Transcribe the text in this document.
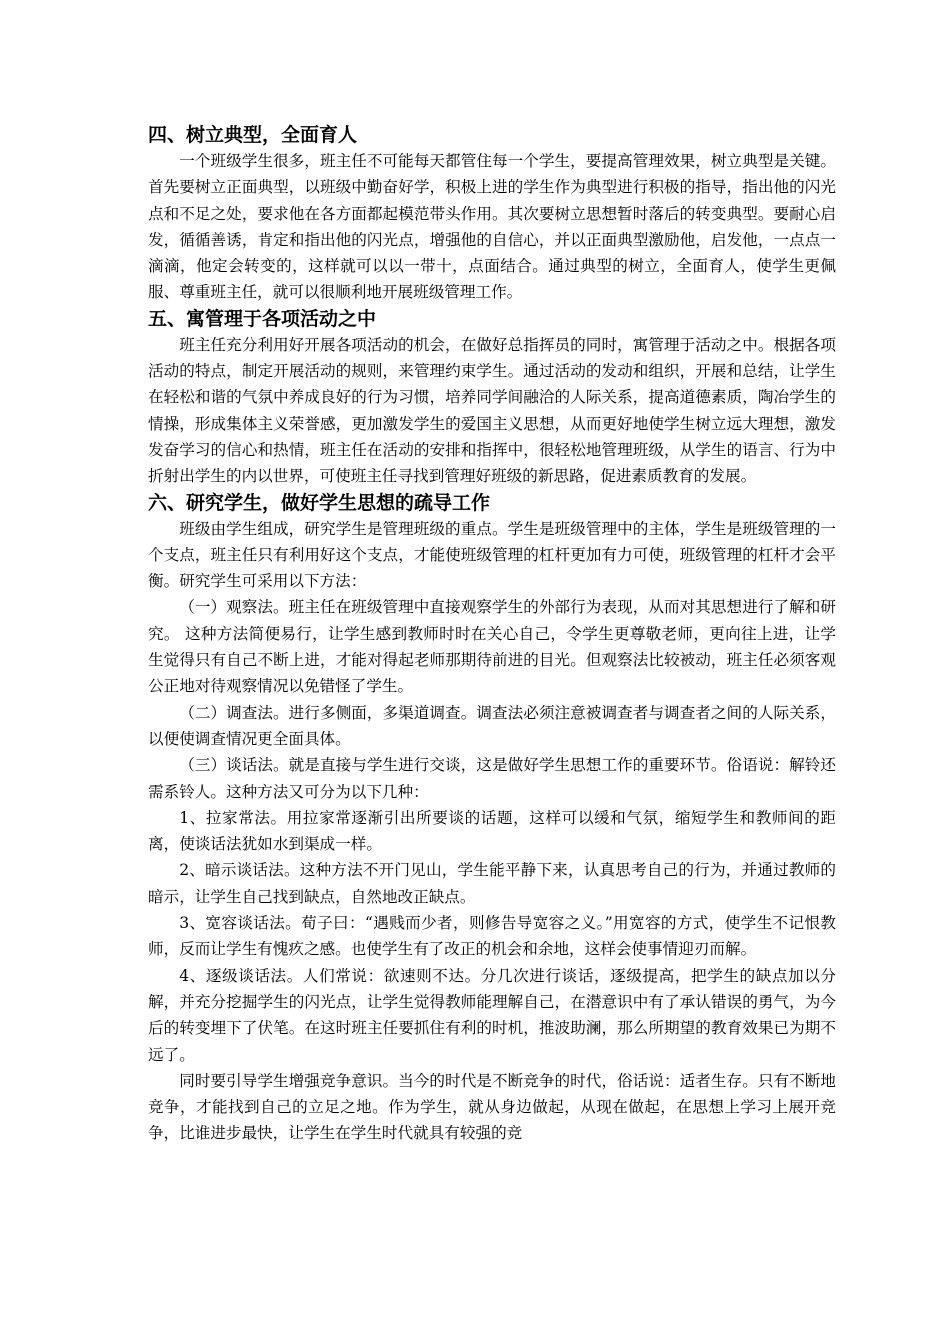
四、树立典型，全面育人

一个班级学生很多，班主任不可能每天都管住每一个学生，要提高管理效果，树立典型是关键。首先要树立正面典型，以班级中勤奋好学，积极上进的学生作为典型进行积极的指导，指出他的闪光点和不足之处，要求他在各方面都起模范带头作用。其次要树立思想暂时落后的转变典型。要耐心启发，循循善诱，肯定和指出他的闪光点，增强他的自信心，并以正面典型激励他，启发他，一点点一滴滴，他定会转变的，这样就可以以一带十，点面结合。通过典型的树立，全面育人，使学生更佩服、尊重班主任，就可以很顺利地开展班级管理工作。

五、寓管理于各项活动之中

班主任充分利用好开展各项活动的机会，在做好总指挥员的同时，寓管理于活动之中。根据各项活动的特点，制定开展活动的规则，来管理约束学生。通过活动的发动和组织，开展和总结，让学生在轻松和谐的气氛中养成良好的行为习惯，培养同学间融洽的人际关系，提高道德素质，陶冶学生的情操，形成集体主义荣誉感，更加激发学生的爱国主义思想，从而更好地使学生树立远大理想，激发发奋学习的信心和热情，班主任在活动的安排和指挥中，很轻松地管理班级，从学生的语言、行为中折射出学生的内以世界，可使班主任寻找到管理好班级的新思路，促进素质教育的发展。

六、研究学生，做好学生思想的疏导工作

班级由学生组成，研究学生是管理班级的重点。学生是班级管理中的主体，学生是班级管理的一个支点，班主任只有利用好这个支点，才能使班级管理的杠杆更加有力可使，班级管理的杠杆才会平衡。研究学生可采用以下方法：

（一）观察法。班主任在班级管理中直接观察学生的外部行为表现，从而对其思想进行了解和研究。 这种方法简便易行，让学生感到教师时时在关心自己，令学生更尊敬老师，更向往上进，让学生觉得只有自己不断上进，才能对得起老师那期待前进的目光。但观察法比较被动，班主任必须客观公正地对待观察情况以免错怪了学生。

（二）调查法。进行多侧面，多渠道调查。调查法必须注意被调查者与调查者之间的人际关系，以便使调查情况更全面具体。

（三）谈话法。就是直接与学生进行交谈，这是做好学生思想工作的重要环节。俗语说：解铃还需系铃人。这种方法又可分为以下几种：

1、拉家常法。用拉家常逐渐引出所要谈的话题，这样可以缓和气氛，缩短学生和教师间的距离，使谈话法犹如水到渠成一样。

2、暗示谈话法。这种方法不开门见山，学生能平静下来，认真思考自己的行为，并通过教师的暗示，让学生自己找到缺点，自然地改正缺点。

3、宽容谈话法。荀子曰：“遇贱而少者，则修告导宽容之义。”用宽容的方式，使学生不记恨教师，反而让学生有愧疚之感。也使学生有了改正的机会和余地，这样会使事情迎刃而解。

4、逐级谈话法。人们常说：欲速则不达。分几次进行谈话，逐级提高，把学生的缺点加以分解，并充分挖掘学生的闪光点，让学生觉得教师能理解自己，在潜意识中有了承认错误的勇气，为今后的转变埋下了伏笔。在这时班主任要抓住有利的时机，推波助澜，那么所期望的教育效果已为期不远了。

同时要引导学生增强竞争意识。当今的时代是不断竞争的时代，俗话说：适者生存。只有不断地竞争，才能找到自己的立足之地。作为学生，就从身边做起，从现在做起，在思想上学习上展开竞争，比谁进步最快，让学生在学生时代就具有较强的竞
